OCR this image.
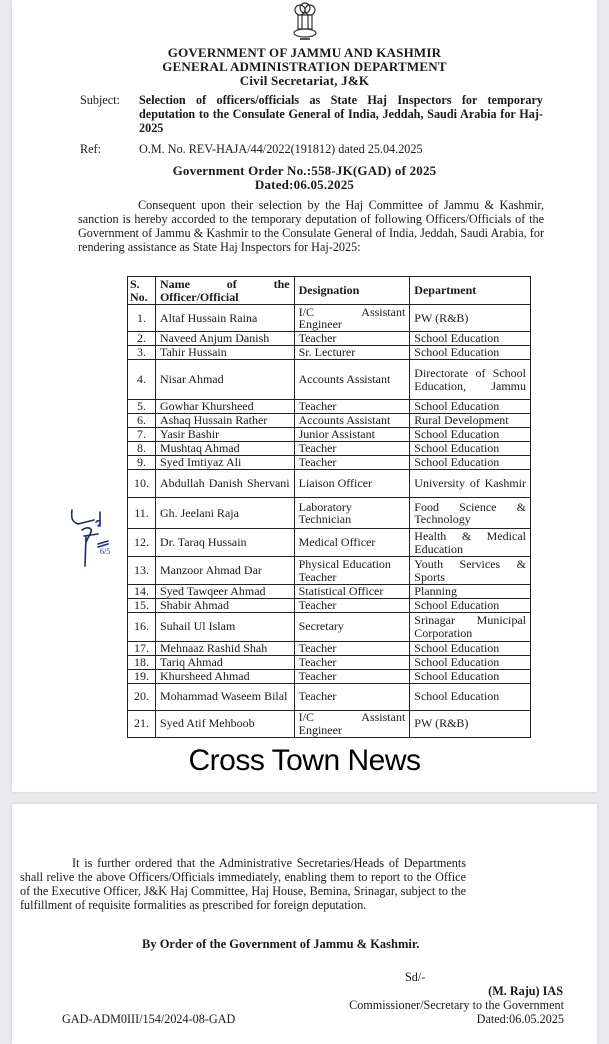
GOVERNMENT OF JAMMU AND KASHMIR
GENERAL ADMINISTRATION DEPARTMENT
Civil Secretariat, J&K
Subject: Selection of officers/officials as State Haj Inspectors for temporary deputation to the Consulate General of India, Jeddah, Saudi Arabia for Haj-2025
Ref:	O.M. No. REV-HAJA/44/2022(191812) dated 25.04.2025
Government Order No.:558-JK(GAD) of 2025
Dated:06.05.2025
Consequent upon their selection by the Haj Committee of Jammu & Kashmir, sanction is hereby accorded to the temporary deputation of following Officers/Officials of the Government of Jammu & Kashmir to the Consulate General of India, Jeddah, Saudi Arabia, for rendering assistance as State Haj Inspectors for Haj-2025:
S. No.	Name of the Officer/Official	Designation	Department
1.	Altaf Hussain Raina	I/C Assistant Engineer	PW (R&B)
2.	Naveed Anjum Danish	Teacher	School Education
3.	Tahir Hussain	Sr. Lecturer	School Education
4.	Nisar Ahmad	Accounts Assistant	Directorate of School Education, Jammu
5.	Gowhar Khursheed	Teacher	School Education
6.	Ashaq Hussain Rather	Accounts Assistant	Rural Development
7.	Yasir Bashir	Junior Assistant	School Education
8.	Mushtaq Ahmad	Teacher	School Education
9.	Syed Imtiyaz Ali	Teacher	School Education
10.	Abdullah Danish Shervani	Liaison Officer	University of Kashmir
11.	Gh. Jeelani Raja	Laboratory Technician	Food Science & Technology
12.	Dr. Taraq Hussain	Medical Officer	Health & Medical Education
13.	Manzoor Ahmad Dar	Physical Education Teacher	Youth Services & Sports
14.	Syed Tawqeer Ahmad	Statistical Officer	Planning
15.	Shabir Ahmad	Teacher	School Education
16.	Suhail Ul Islam	Secretary	Srinagar Municipal Corporation
17.	Mehnaaz Rashid Shah	Teacher	School Education
18.	Tariq Ahmad	Teacher	School Education
19.	Khursheed Ahmad	Teacher	School Education
20.	Mohammad Waseem Bilal	Teacher	School Education
21.	Syed Atif Mehboob	I/C Assistant Engineer	PW (R&B)
Cross Town News
6/5
It is further ordered that the Administrative Secretaries/Heads of Departments shall relive the above Officers/Officials immediately, enabling them to report to the Office of the Executive Officer, J&K Haj Committee, Haj House, Bemina, Srinagar, subject to the fulfillment of requisite formalities as prescribed for foreign deputation.
By Order of the Government of Jammu & Kashmir.
Sd/-
(M. Raju) IAS
Commissioner/Secretary to the Government
GAD-ADM0III/154/2024-08-GAD	Dated:06.05.2025
